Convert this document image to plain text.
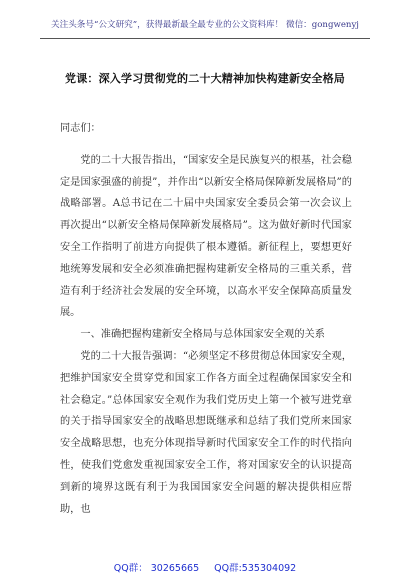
关注头条号“公文研究”，获得最新最全最专业的公文资料库！ 微信：gongwenyj
党课：深入学习贯彻党的二十大精神加快构建新安全格局

同志们：

党的二十大报告指出，“国家安全是民族复兴的根基，社会稳定是国家强盛的前提”，并作出“以新安全格局保障新发展格局”的战略部署。A总书记在二十届中央国家安全委员会第一次会议上再次提出“以新安全格局保障新发展格局”。这为做好新时代国家安全工作指明了前进方向提供了根本遵循。新征程上，要想更好地统筹发展和安全必须准确把握构建新安全格局的三重关系，营造有利于经济社会发展的安全环境，以高水平安全保障高质量发展。

一、准确把握构建新安全格局与总体国家安全观的关系

党的二十大报告强调：“必须坚定不移贯彻总体国家安全观，把维护国家安全贯穿党和国家工作各方面全过程确保国家安全和社会稳定。”总体国家安全观作为我们党历史上第一个被写进党章的关于指导国家安全的战略思想既继承和总结了我们党所来国家安全战略思想，也充分体现指导新时代国家安全工作的时代指向性，使我们党愈发重视国家安全工作，将对国家安全的认识提高到新的境界这既有利于为我国国家安全问题的解决提供相应帮助，也

QQ群： 30265665 QQ群:535304092
